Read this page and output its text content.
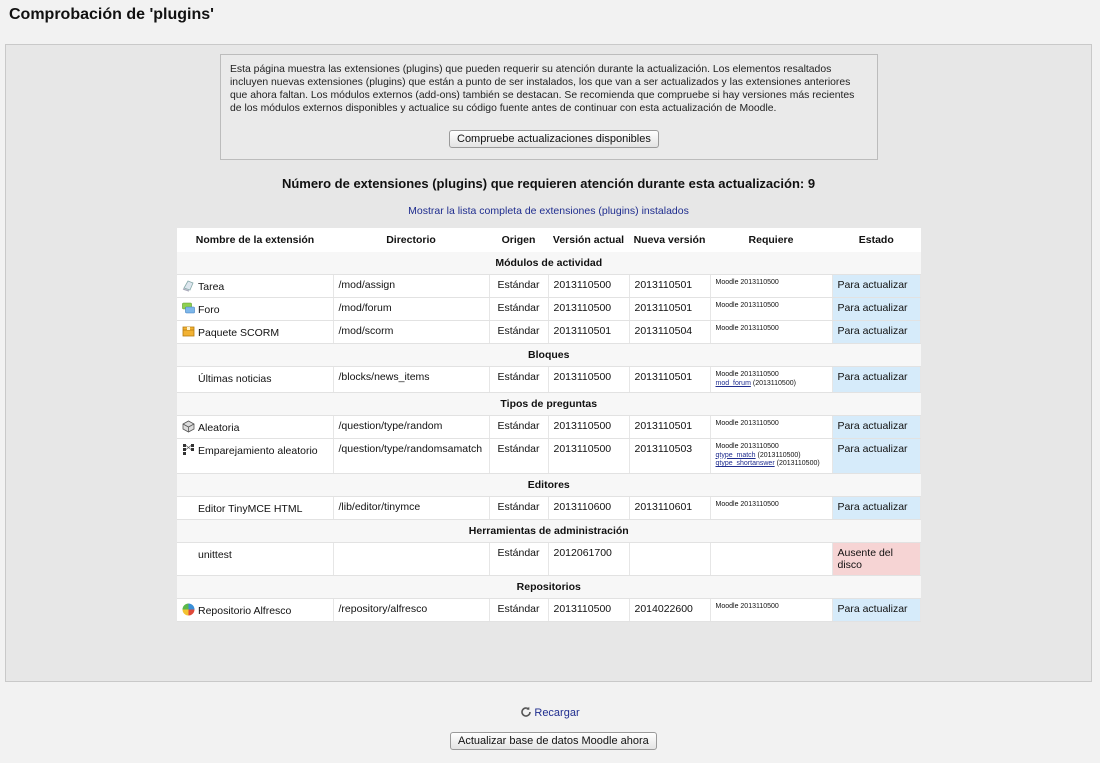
Comprobación de 'plugins'

Esta página muestra las extensiones (plugins) que pueden requerir su atención durante la actualización. Los elementos resaltados incluyen nuevas extensiones (plugins) que están a punto de ser instalados, los que van a ser actualizados y las extensiones anteriores que ahora faltan. Los módulos externos (add-ons) también se destacan. Se recomienda que compruebe si hay versiones más recientes de los módulos externos disponibles y actualice su código fuente antes de continuar con esta actualización de Moodle.

Compruebe actualizaciones disponibles
Número de extensiones (plugins) que requieren atención durante esta actualización: 9
Mostrar la lista completa de extensiones (plugins) instalados
Nombre de la extensión	Directorio	Origen	Versión actual	Nueva versión	Requiere	Estado
Módulos de actividad						
Tarea	/mod/assign	Estándar	2013110500	2013110501	Moodle 2013110500	Para actualizar
Foro	/mod/forum	Estándar	2013110500	2013110501	Moodle 2013110500	Para actualizar
Paquete SCORM	/mod/scorm	Estándar	2013110501	2013110504	Moodle 2013110500	Para actualizar
Bloques						
Últimas noticias	/blocks/news_items	Estándar	2013110500	2013110501	Moodle 2013110500
mod_forum (2013110500)	Para actualizar
Tipos de preguntas						
Aleatoria	/question/type/random	Estándar	2013110500	2013110501	Moodle 2013110500	Para actualizar
Emparejamiento aleatorio	/question/type/randomsamatch	Estándar	2013110500	2013110503	Moodle 2013110500
qtype_match (2013110500)
qtype_shortanswer (2013110500)	Para actualizar
Editores						
Editor TinyMCE HTML	/lib/editor/tinymce	Estándar	2013110600	2013110601	Moodle 2013110500	Para actualizar
Herramientas de administración						
unittest		Estándar	2012061700			Ausente del disco
Repositorios						
Repositorio Alfresco	/repository/alfresco	Estándar	2013110500	2014022600	Moodle 2013110500	Para actualizar
Recargar
Actualizar base de datos Moodle ahora
